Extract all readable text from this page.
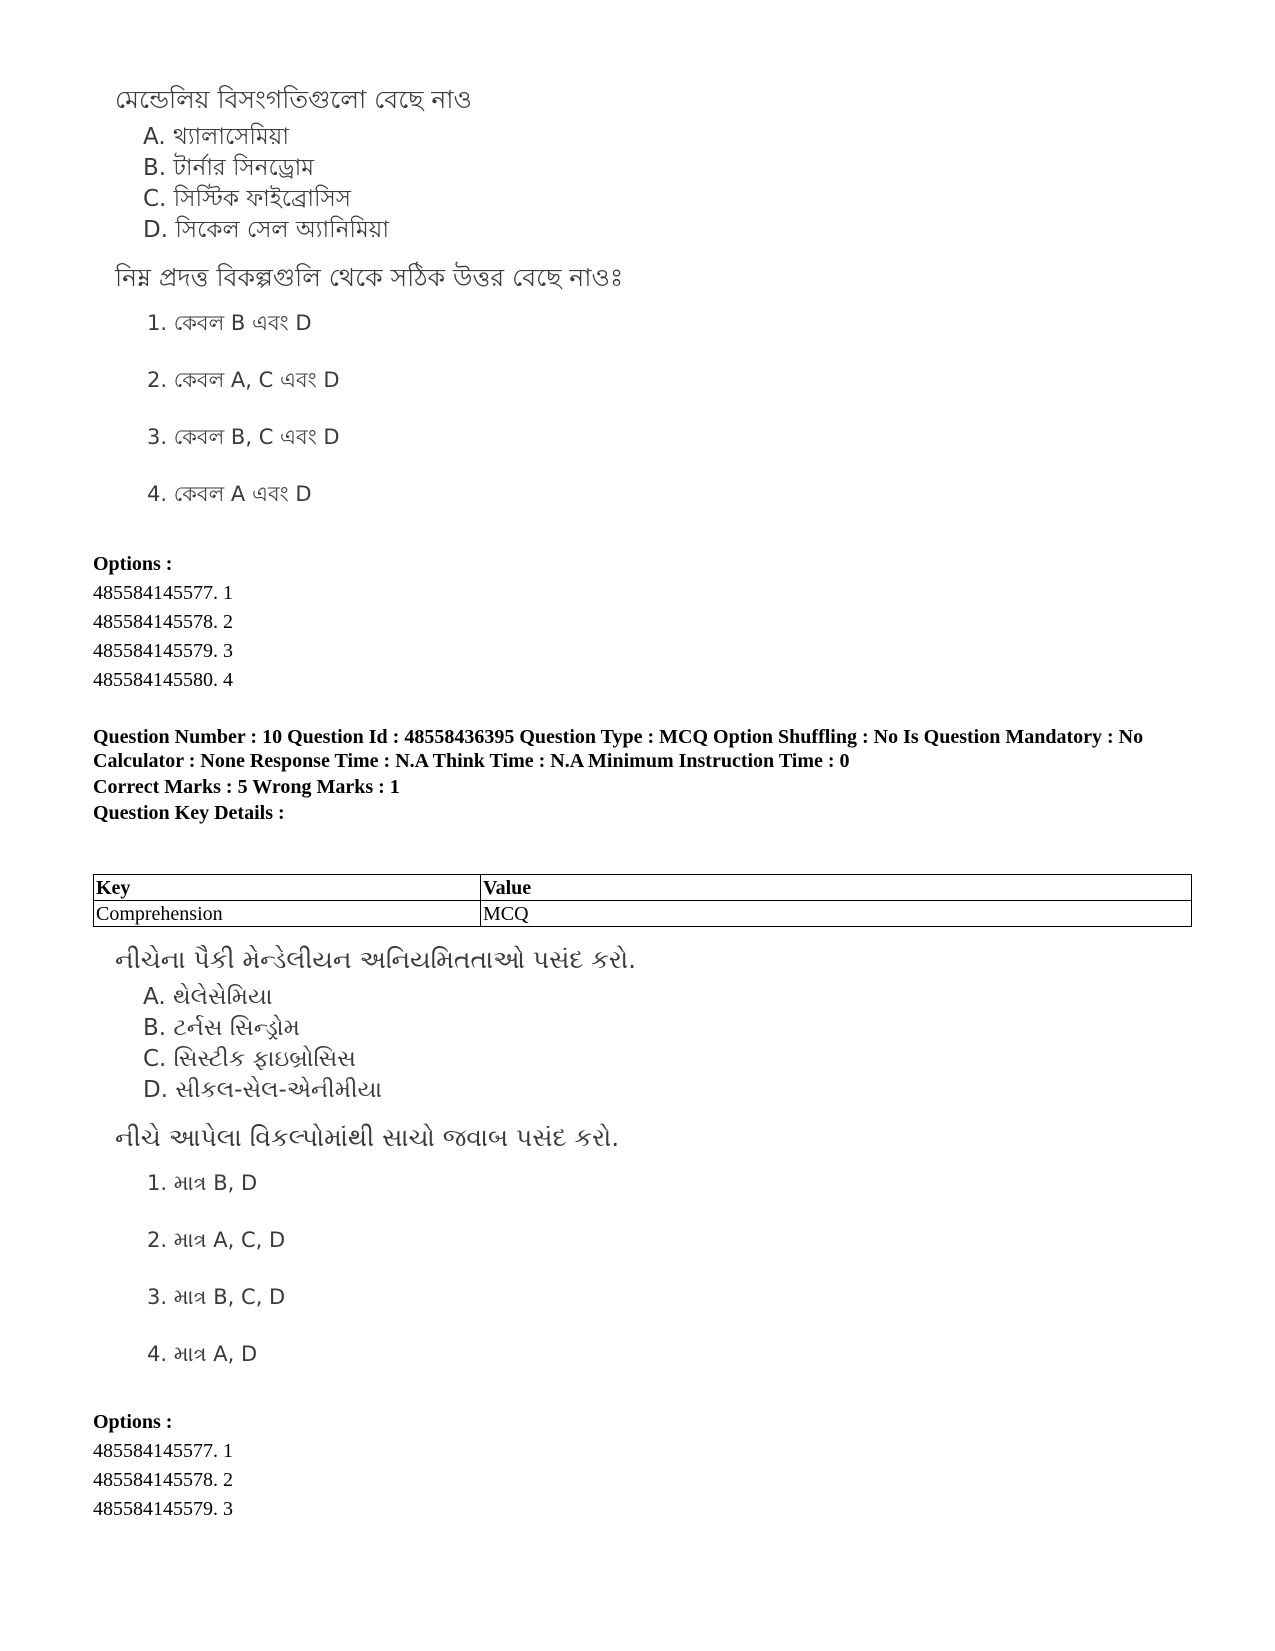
মেন্ডেলিয় বিসংগতিগুলো বেছে নাও
A. থ্যালাসেমিয়া
B. টার্নার সিনড্রোম
C. সিস্টিক ফাইব্রোসিস
D. সিকেল সেল অ্যানিমিয়া
নিম্ন প্রদত্ত বিকল্পগুলি থেকে সঠিক উত্তর বেছে নাওঃ
1. কেবল B এবং D
2. কেবল A, C এবং D
3. কেবল B, C এবং D
4. কেবল A এবং D
Options :
485584145577. 1
485584145578. 2
485584145579. 3
485584145580. 4

Question Number : 10 Question Id : 48558436395 Question Type : MCQ Option Shuffling : No Is Question Mandatory : No Calculator : None Response Time : N.A Think Time : N.A Minimum Instruction Time : 0

Correct Marks : 5 Wrong Marks : 1

Question Key Details :

Key	Value
Comprehension	MCQ
નીચેના પૈકી મેન્ડેલીયન અનિયમિતતાઓ પસંદ કરો.
A. થેલેસેમિયા
B. ટર્નસ સિન્ડ્રોમ
C. સિસ્ટીક ફાઇબ્રોસિસ
D. સીકલ-સેલ-એનીમીયા
નીચે આપેલા વિકલ્પોમાંથી સાચો જવાબ પસંદ કરો.
1. માત્ર B, D
2. માત્ર A, C, D
3. માત્ર B, C, D
4. માત્ર A, D
Options :
485584145577. 1
485584145578. 2
485584145579. 3
